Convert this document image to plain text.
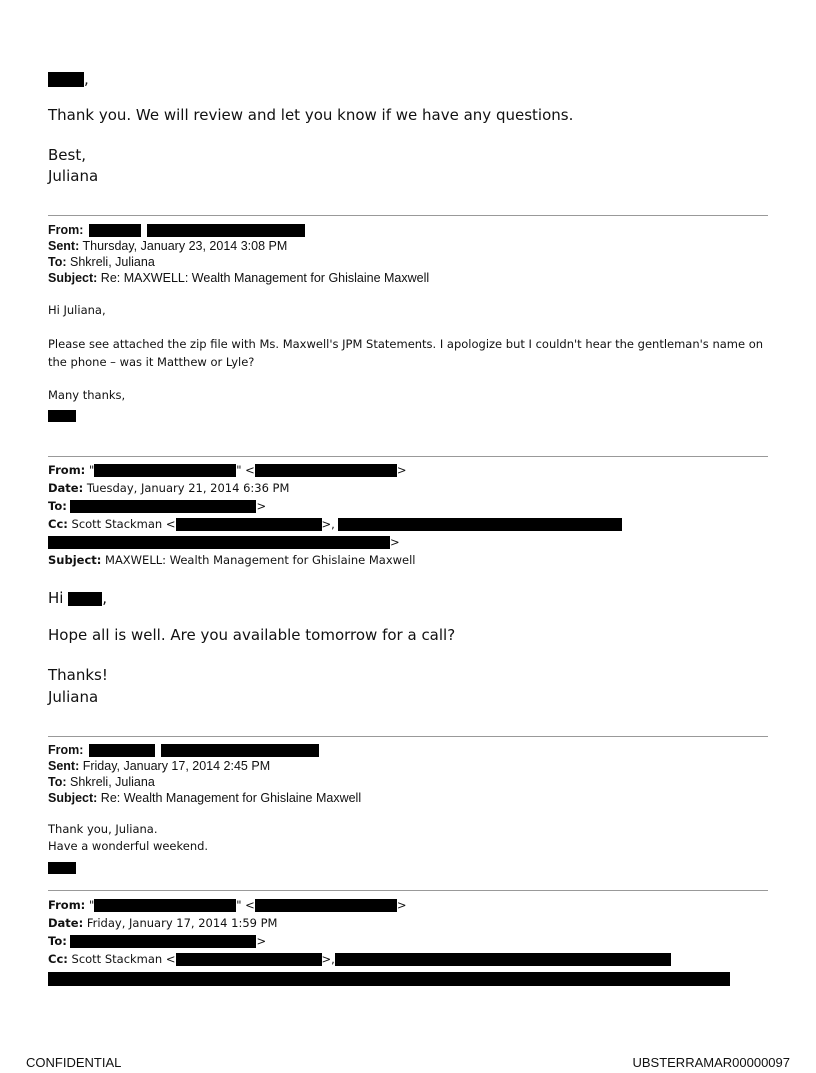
,
Thank you. We will review and let you know if we have any questions.
Best,
Juliana
From:
Sent: Thursday, January 23, 2014 3:08 PM
To: Shkreli, Juliana
Subject: Re: MAXWELL: Wealth Management for Ghislaine Maxwell
Hi Juliana,
Please see attached the zip file with Ms. Maxwell's JPM Statements. I apologize but I couldn't hear the gentleman's name on
the phone – was it Matthew or Lyle?
Many thanks,
From: "	" <	>
Date: Tuesday, January 21, 2014 6:36 PM
To:	>
Cc: Scott Stackman <	>,
>
Subject: MAXWELL: Wealth Management for Ghislaine Maxwell
Hi	,
Hope all is well. Are you available tomorrow for a call?
Thanks!
Juliana
From:
Sent: Friday, January 17, 2014 2:45 PM
To: Shkreli, Juliana
Subject: Re: Wealth Management for Ghislaine Maxwell
Thank you, Juliana.
Have a wonderful weekend.
From: "	" <	>
Date: Friday, January 17, 2014 1:59 PM
To:	>
Cc: Scott Stackman <	>,
CONFIDENTIAL	UBSTERRAMAR00000097
